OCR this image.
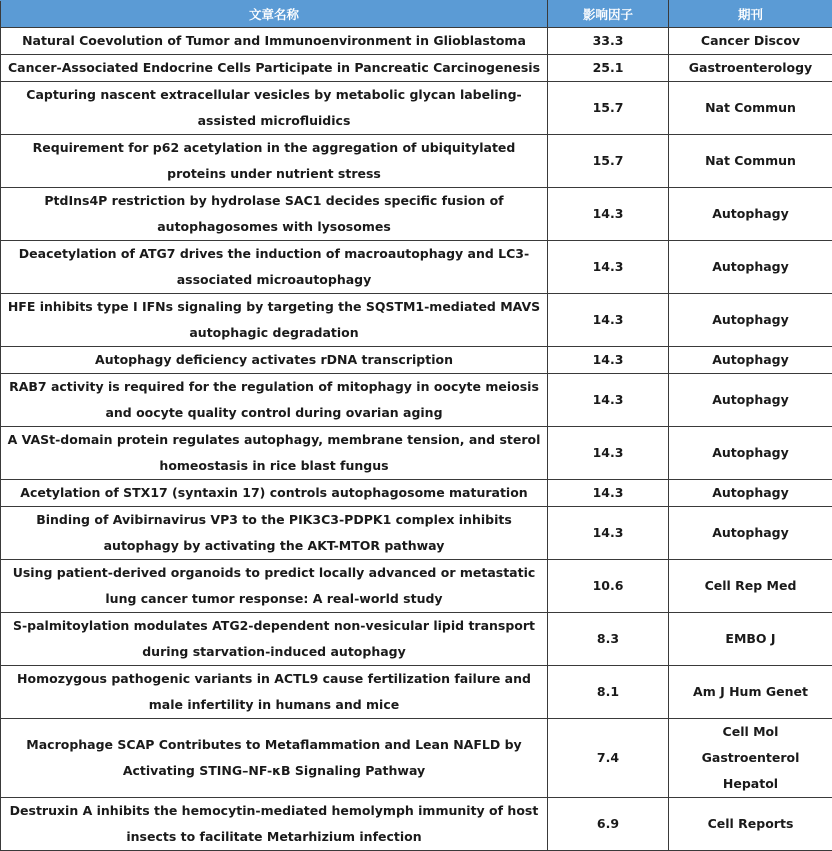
文章名称	影响因子	期刊
Natural Coevolution of Tumor and Immunoenvironment in Glioblastoma	33.3	Cancer Discov
Cancer-Associated Endocrine Cells Participate in Pancreatic Carcinogenesis	25.1	Gastroenterology
Capturing nascent extracellular vesicles by metabolic glycan labeling-assisted microfluidics	15.7	Nat Commun
Requirement for p62 acetylation in the aggregation of ubiquitylated proteins under nutrient stress	15.7	Nat Commun
PtdIns4P restriction by hydrolase SAC1 decides specific fusion of autophagosomes with lysosomes	14.3	Autophagy
Deacetylation of ATG7 drives the induction of macroautophagy and LC3-associated microautophagy	14.3	Autophagy
HFE inhibits type I IFNs signaling by targeting the SQSTM1-mediated MAVS autophagic degradation	14.3	Autophagy
Autophagy deficiency activates rDNA transcription	14.3	Autophagy
RAB7 activity is required for the regulation of mitophagy in oocyte meiosis and oocyte quality control during ovarian aging	14.3	Autophagy
A VASt-domain protein regulates autophagy, membrane tension, and sterol homeostasis in rice blast fungus	14.3	Autophagy
Acetylation of STX17 (syntaxin 17) controls autophagosome maturation	14.3	Autophagy
Binding of Avibirnavirus VP3 to the PIK3C3-PDPK1 complex inhibits autophagy by activating the AKT-MTOR pathway	14.3	Autophagy
Using patient-derived organoids to predict locally advanced or metastatic lung cancer tumor response: A real-world study	10.6	Cell Rep Med
S-palmitoylation modulates ATG2-dependent non-vesicular lipid transport during starvation-induced autophagy	8.3	EMBO J
Homozygous pathogenic variants in ACTL9 cause fertilization failure and male infertility in humans and mice	8.1	Am J Hum Genet
Macrophage SCAP Contributes to Metaflammation and Lean NAFLD by Activating STING–NF-κB Signaling Pathway	7.4	Cell Mol Gastroenterol Hepatol
Destruxin A inhibits the hemocytin-mediated hemolymph immunity of host insects to facilitate Metarhizium infection	6.9	Cell Reports
